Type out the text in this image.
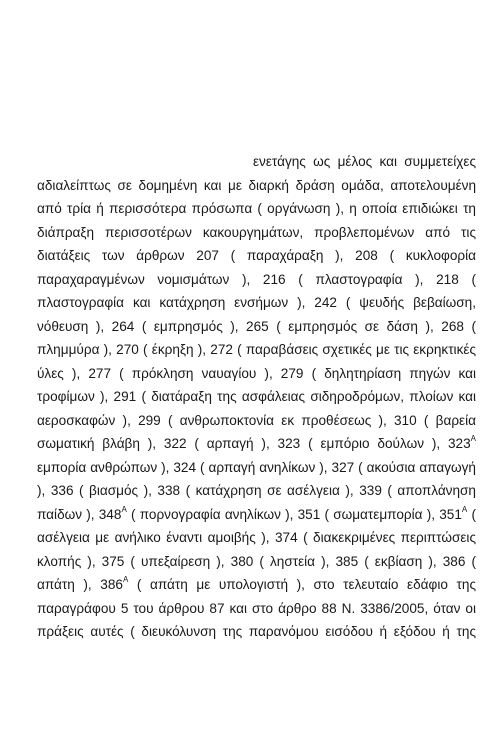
ενετάγης ως μέλος και συμμετείχες
αδιαλείπτως σε δομημένη και με διαρκή δράση ομάδα, αποτελουμένη
από τρία ή περισσότερα πρόσωπα ( οργάνωση ), η οποία επιδιώκει τη
διάπραξη περισσοτέρων κακουργημάτων, προβλεπομένων από τις
διατάξεις των άρθρων 207 ( παραχάραξη ), 208 ( κυκλοφορία
παραχαραγμένων νομισμάτων ), 216 ( πλαστογραφία ), 218 (
πλαστογραφία και κατάχρηση ενσήμων ), 242 ( ψευδής βεβαίωση,
νόθευση ), 264 ( εμπρησμός ), 265 ( εμπρησμός σε δάση ), 268 (
πλημμύρα ), 270 ( έκρηξη ), 272 ( παραβάσεις σχετικές με τις εκρηκτικές
ύλες ), 277 ( πρόκληση ναυαγίου ), 279 ( δηλητηρίαση πηγών και
τροφίμων ), 291 ( διατάραξη της ασφάλειας σιδηροδρόμων, πλοίων και
αεροσκαφών ), 299 ( ανθρωποκτονία εκ προθέσεως ), 310 ( βαρεία
σωματική βλάβη ), 322 ( αρπαγή ), 323 ( εμπόριο δούλων ), $323^A$
εμπορία ανθρώπων ), 324 ( αρπαγή ανηλίκων ), 327 ( ακούσια απαγωγή
), 336 ( βιασμός ), 338 ( κατάχρηση σε ασέλγεια ), 339 ( αποπλάνηση
παίδων ), $348^A$ ( πορνογραφία ανηλίκων ), 351 ( σωματεμπορία ), $351^A$ (
ασέλγεια με ανήλικο έναντι αμοιβής ), 374 ( διακεκριμένες περιπτώσεις
κλοπής ), 375 ( υπεξαίρεση ), 380 ( ληστεία ), 385 ( εκβίαση ), 386 (
απάτη ), $386^A$ ( απάτη με υπολογιστή ), στο τελευταίο εδάφιο της
παραγράφου 5 του άρθρου 87 και στο άρθρο 88 Ν. 3386/2005, όταν οι
πράξεις αυτές ( διευκόλυνση της παρανόμου εισόδου ή εξόδου ή της
